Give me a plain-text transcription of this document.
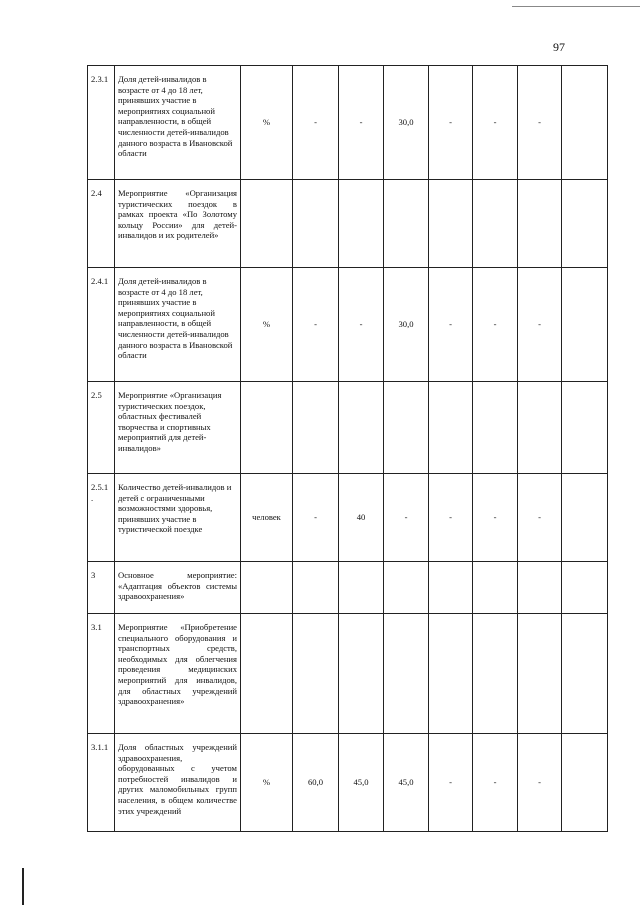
97
2.3.1	Доля детей-инвалидов в возрасте от 4 до 18 лет, принявших участие в мероприятиях социальной направленности, в общей численности детей-инвалидов данного возраста в Ивановской области	%	-	-	30,0	-	-	-	
2.4	Мероприятие «Организация туристических поездок в рамках проекта «По Золотому кольцу России» для детей-инвалидов и их родителей»								
2.4.1	Доля детей-инвалидов в возрасте от 4 до 18 лет, принявших участие в мероприятиях социальной направленности, в общей численности детей-инвалидов данного возраста в Ивановской области	%	-	-	30,0	-	-	-	
2.5	Мероприятие «Организация туристических поездок, областных фестивалей творчества и спортивных мероприятий для детей-инвалидов»								
2.5.1 .	Количество детей-инвалидов и детей с ограниченными возможностями здоровья, принявших участие в туристической поездке	человек	-	40	-	-	-	-	
3	Основное мероприятие: «Адаптация объектов системы здравоохранения»								
3.1	Мероприятие «Приобретение специального оборудования и транспортных средств, необходимых для облегчения проведения медицинских мероприятий для инвалидов, для областных учреждений здравоохранения»								
3.1.1	Доля областных учреждений здравоохранения, оборудованных с учетом потребностей инвалидов и других маломобильных групп населения, в общем количестве этих учреждений	%	60,0	45,0	45,0	-	-	-	
